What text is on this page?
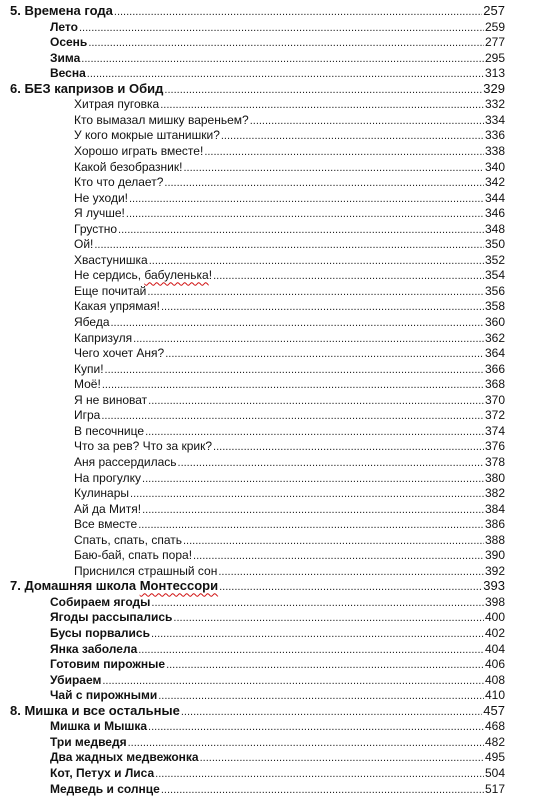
5. Времена года .....	257
Лето .....	259
Осень .....	277
Зима .....	295
Весна .....	313
6. БЕЗ капризов и Обид .....	329
Хитрая пуговка .....	332
Кто вымазал мишку вареньем? .....	334
У кого мокрые штанишки? .....	336
Хорошо играть вместе! .....	338
Какой безобразник! .....	340
Кто что делает? .....	342
Не уходи! .....	344
Я лучше! .....	346
Грустно .....	348
Ой! .....	350
Хвастунишка .....	352
Не сердись, бабуленька! .....	354
Еще почитай .....	356
Какая упрямая! .....	358
Ябеда .....	360
Капризуля .....	362
Чего хочет Аня? .....	364
Купи! .....	366
Моё! .....	368
Я не виноват .....	370
Игра .....	372
В песочнице .....	374
Что за рев? Что за крик? .....	376
Аня рассердилась .....	378
На прогулку .....	380
Кулинары .....	382
Ай да Митя! .....	384
Все вместе .....	386
Спать, спать, спать .....	388
Баю-бай, спать пора! .....	390
Приснился страшный сон .....	392
7. Домашняя школа Монтессори .....	393
Собираем ягоды .....	398
Ягоды рассыпались .....	400
Бусы порвались .....	402
Янка заболела .....	404
Готовим пирожные .....	406
Убираем .....	408
Чай с пирожными .....	410
8. Мишка и все остальные .....	457
Мишка и Мышка .....	468
Три медведя .....	482
Два жадных медвежонка .....	495
Кот, Петух и Лиса .....	504
Медведь и солнце .....	517
